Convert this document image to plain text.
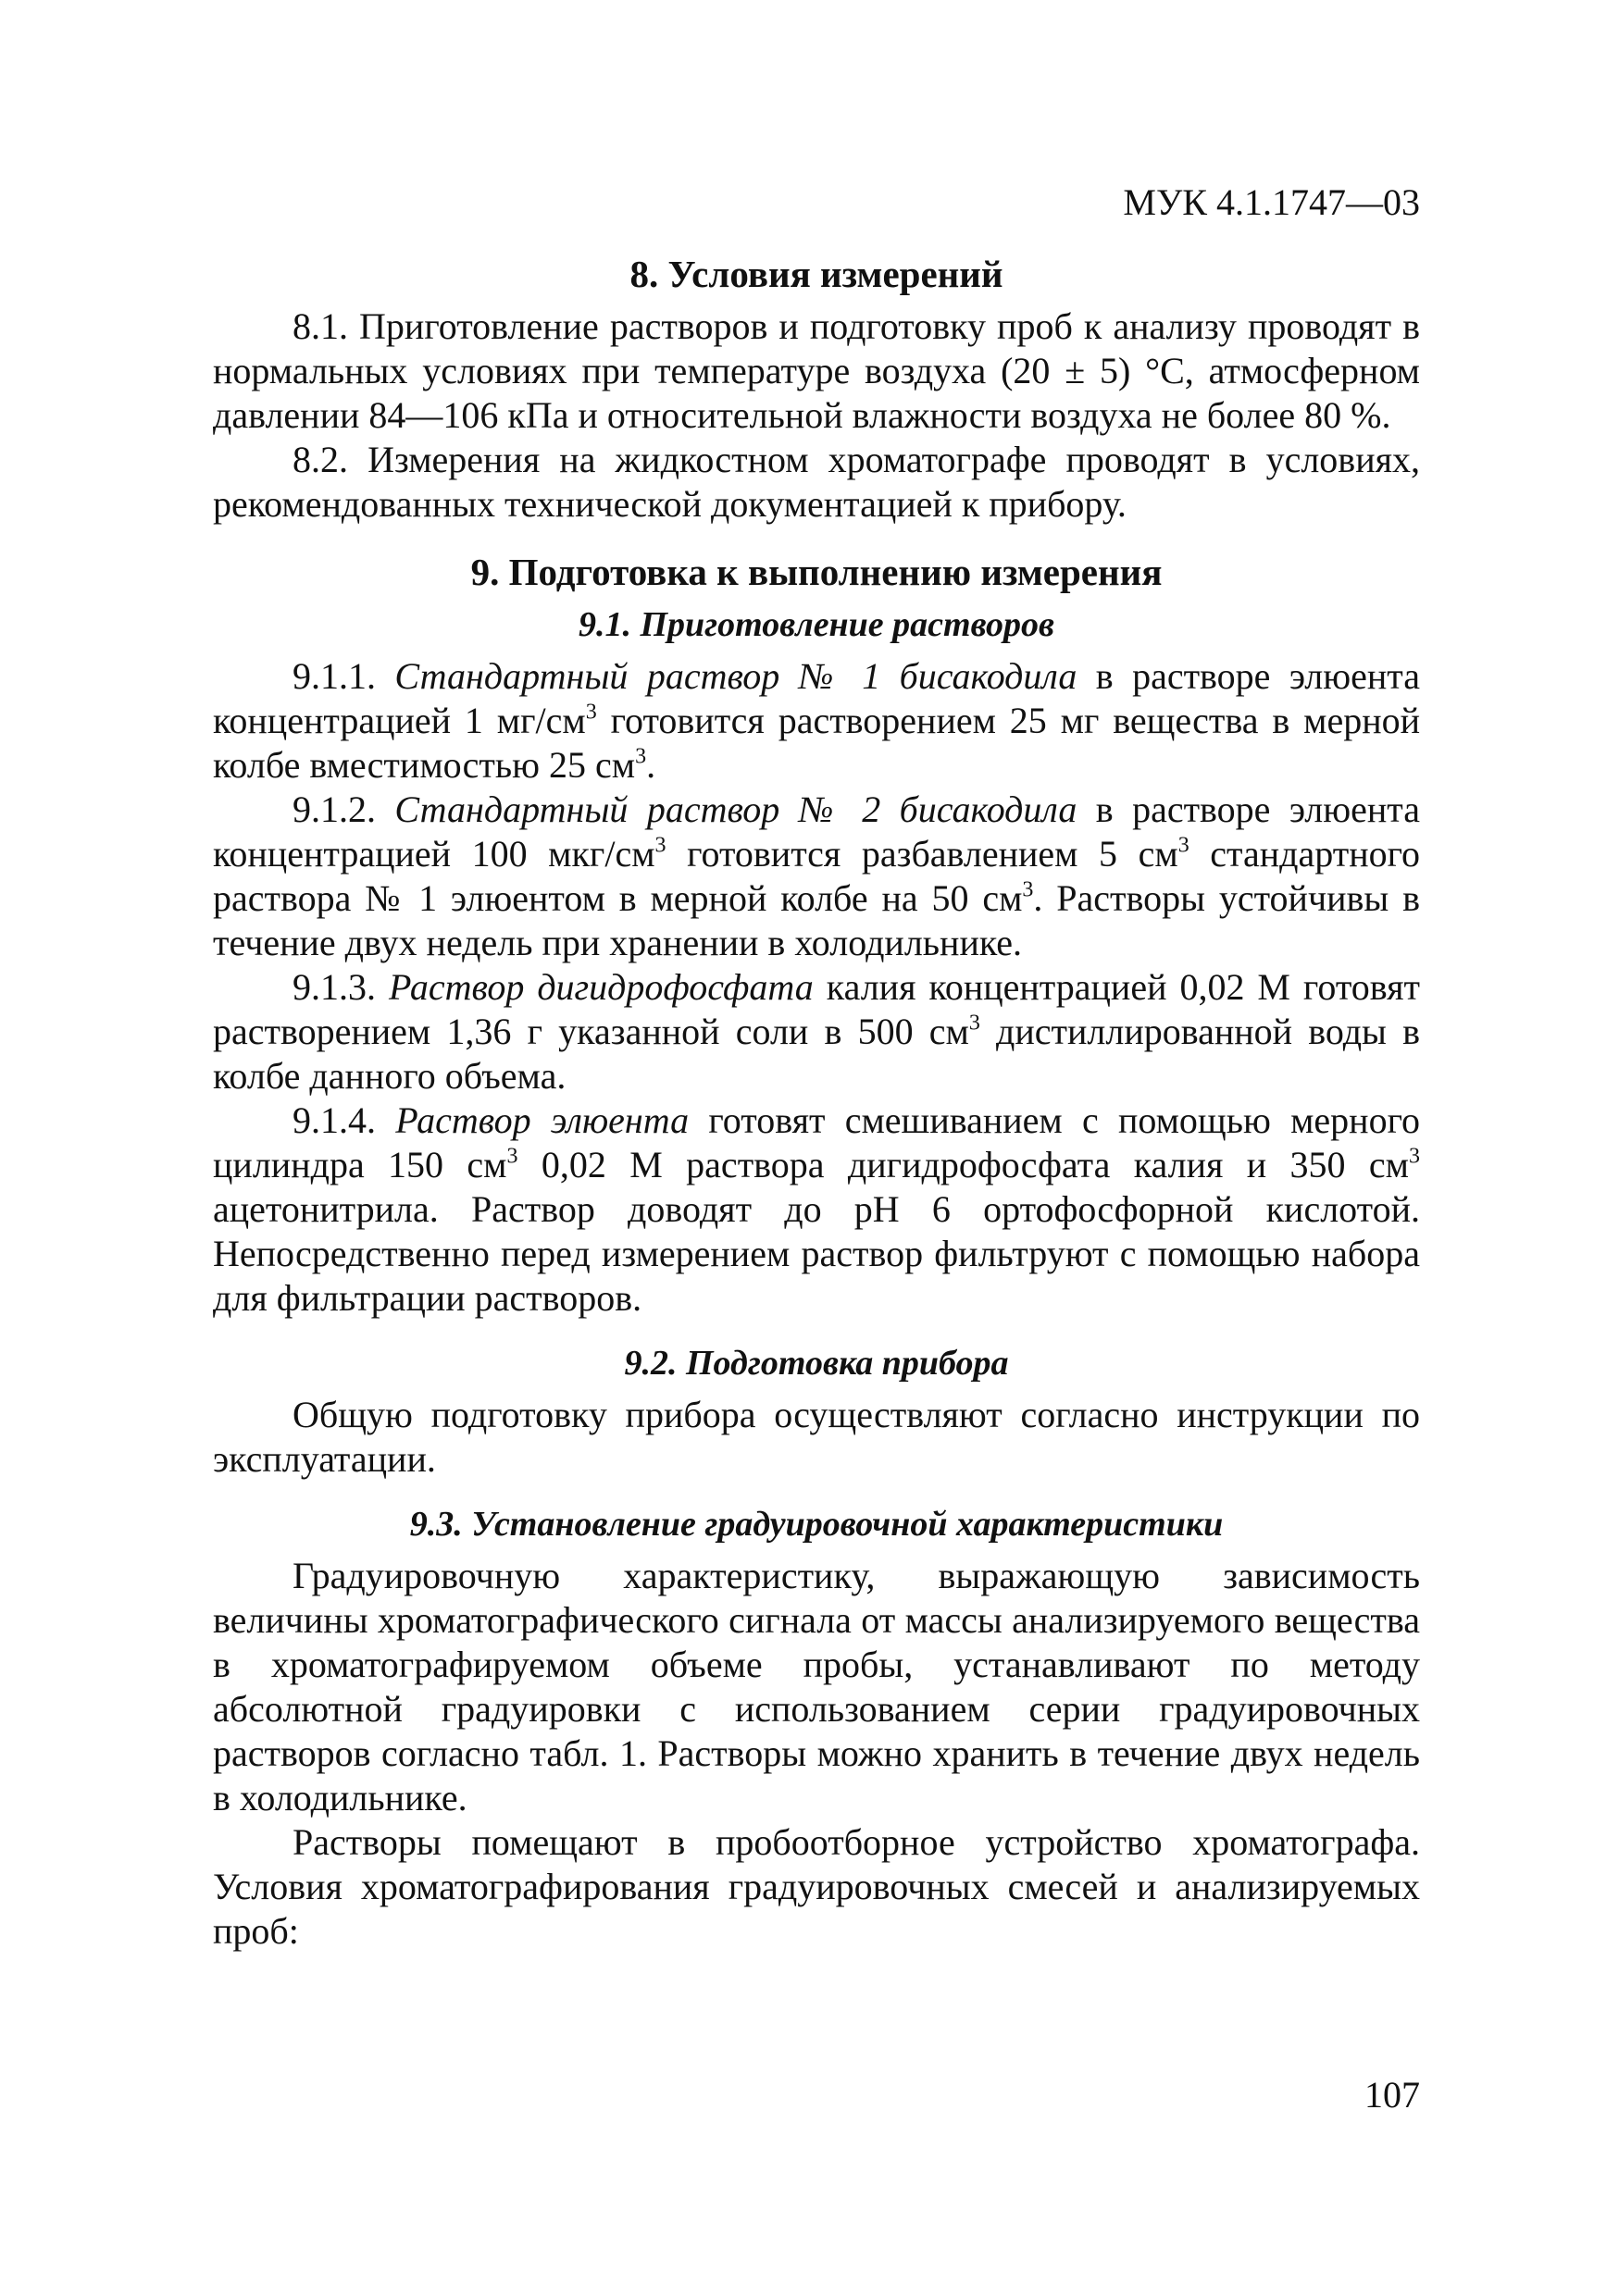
МУК 4.1.1747—03
8. Условия измерений

8.1. Приготовление растворов и подготовку проб к анализу проводят в нормальных условиях при температуре воздуха (20 ± 5) °С, атмосферном давлении 84—106 кПа и относительной влажности воздуха не более 80 %.

8.2. Измерения на жидкостном хроматографе проводят в условиях, рекомендованных технической документацией к прибору.

9. Подготовка к выполнению измерения
9.1. Приготовление растворов

9.1.1. Стандартный раствор № 1 бисакодила в растворе элюента концентрацией 1 $мг/см^3$ готовится растворением 25 мг вещества в мерной колбе вместимостью 25 $см^3$.

9.1.2. Стандартный раствор № 2 бисакодила в растворе элюента концентрацией 100 мкг/$см^3$ готовится разбавлением 5 $см^3$ стандартного раствора № 1 элюентом в мерной колбе на 50 $см^3$. Растворы устойчивы в течение двух недель при хранении в холодильнике.

9.1.3. Раствор дигидрофосфата калия концентрацией 0,02 М готовят растворением 1,36 г указанной соли в 500 $см^3$ дистиллированной воды в колбе данного объема.

9.1.4. Раствор элюента готовят смешиванием с помощью мерного цилиндра 150 $см^3$ 0,02 М раствора дигидрофосфата калия и 350 $см^3$ ацетонитрила. Раствор доводят до pH 6 ортофосфорной кислотой. Непосредственно перед измерением раствор фильтруют с помощью набора для фильтрации растворов.

9.2. Подготовка прибора

Общую подготовку прибора осуществляют согласно инструкции по эксплуатации.

9.3. Установление градуировочной характеристики

Градуировочную характеристику, выражающую зависимость величины хроматографического сигнала от массы анализируемого вещества в хроматографируемом объеме пробы, устанавливают по методу абсолютной градуировки с использованием серии градуировочных растворов согласно табл. 1. Растворы можно хранить в течение двух недель в холодильнике.

Растворы помещают в пробоотборное устройство хроматографа. Условия хроматографирования градуировочных смесей и анализируемых проб:

107
